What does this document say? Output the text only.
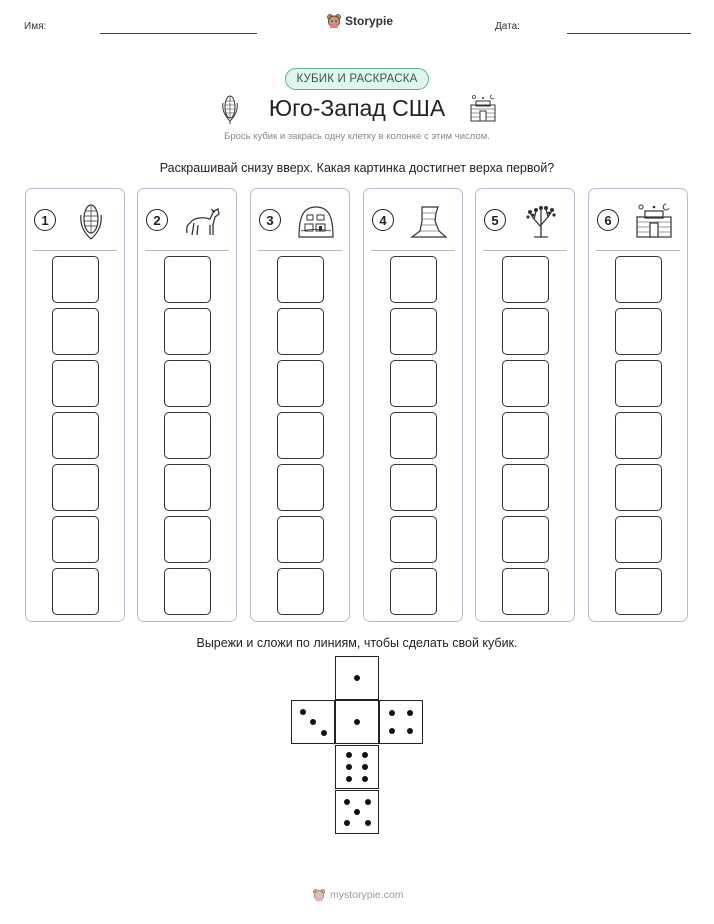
Имя:	Storypie	Дата:
КУБИК И РАСКРАСКА
Юго-Запад США
Брось кубик и закрась одну клетку в колонке с этим числом.
Раскрашивай снизу вверх. Какая картинка достигнет верха первой?
1	2	3	4	5	6
Вырежи и сложи по линиям, чтобы сделать свой кубик.
mystorypie.com
